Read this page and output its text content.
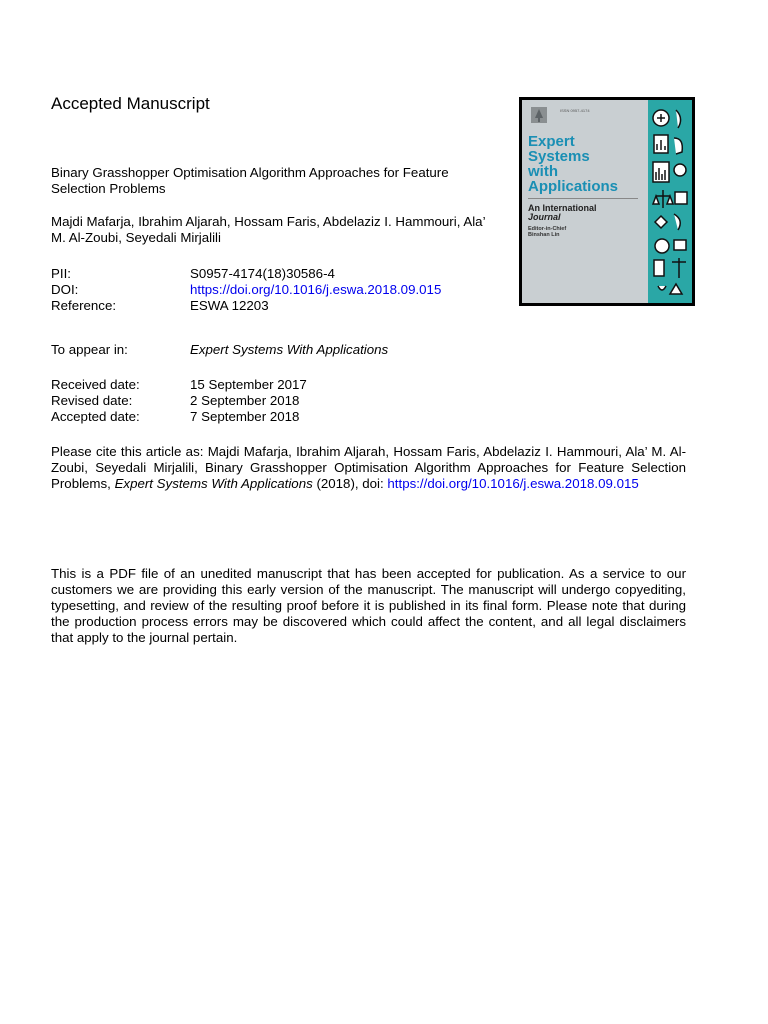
Accepted Manuscript
Binary Grasshopper Optimisation Algorithm Approaches for Feature Selection Problems
Majdi Mafarja, Ibrahim Aljarah, Hossam Faris, Abdelaziz I. Hammouri, Ala’ M. Al-Zoubi, Seyedali Mirjalili
PII:	S0957-4174(18)30586-4
DOI:	https://doi.org/10.1016/j.eswa.2018.09.015
Reference:	ESWA 12203
To appear in:	Expert Systems With Applications
Received date:	15 September 2017
Revised date:	2 September 2018
Accepted date:	7 September 2018
Please cite this article as: Majdi Mafarja, Ibrahim Aljarah, Hossam Faris, Abdelaziz I. Hammouri, Ala’ M. Al-Zoubi, Seyedali Mirjalili, Binary Grasshopper Optimisation Algorithm Approaches for Feature Selection Problems, Expert Systems With Applications (2018), doi: https://doi.org/10.1016/j.eswa.2018.09.015
This is a PDF file of an unedited manuscript that has been accepted for publication. As a service to our customers we are providing this early version of the manuscript. The manuscript will undergo copyediting, typesetting, and review of the resulting proof before it is published in its final form. Please note that during the production process errors may be discovered which could affect the content, and all legal disclaimers that apply to the journal pertain.
ISSN 0957-4174
Expert
Systems
with
Applications
An International
Journal
Editor-in-Chief
Binshan Lin
